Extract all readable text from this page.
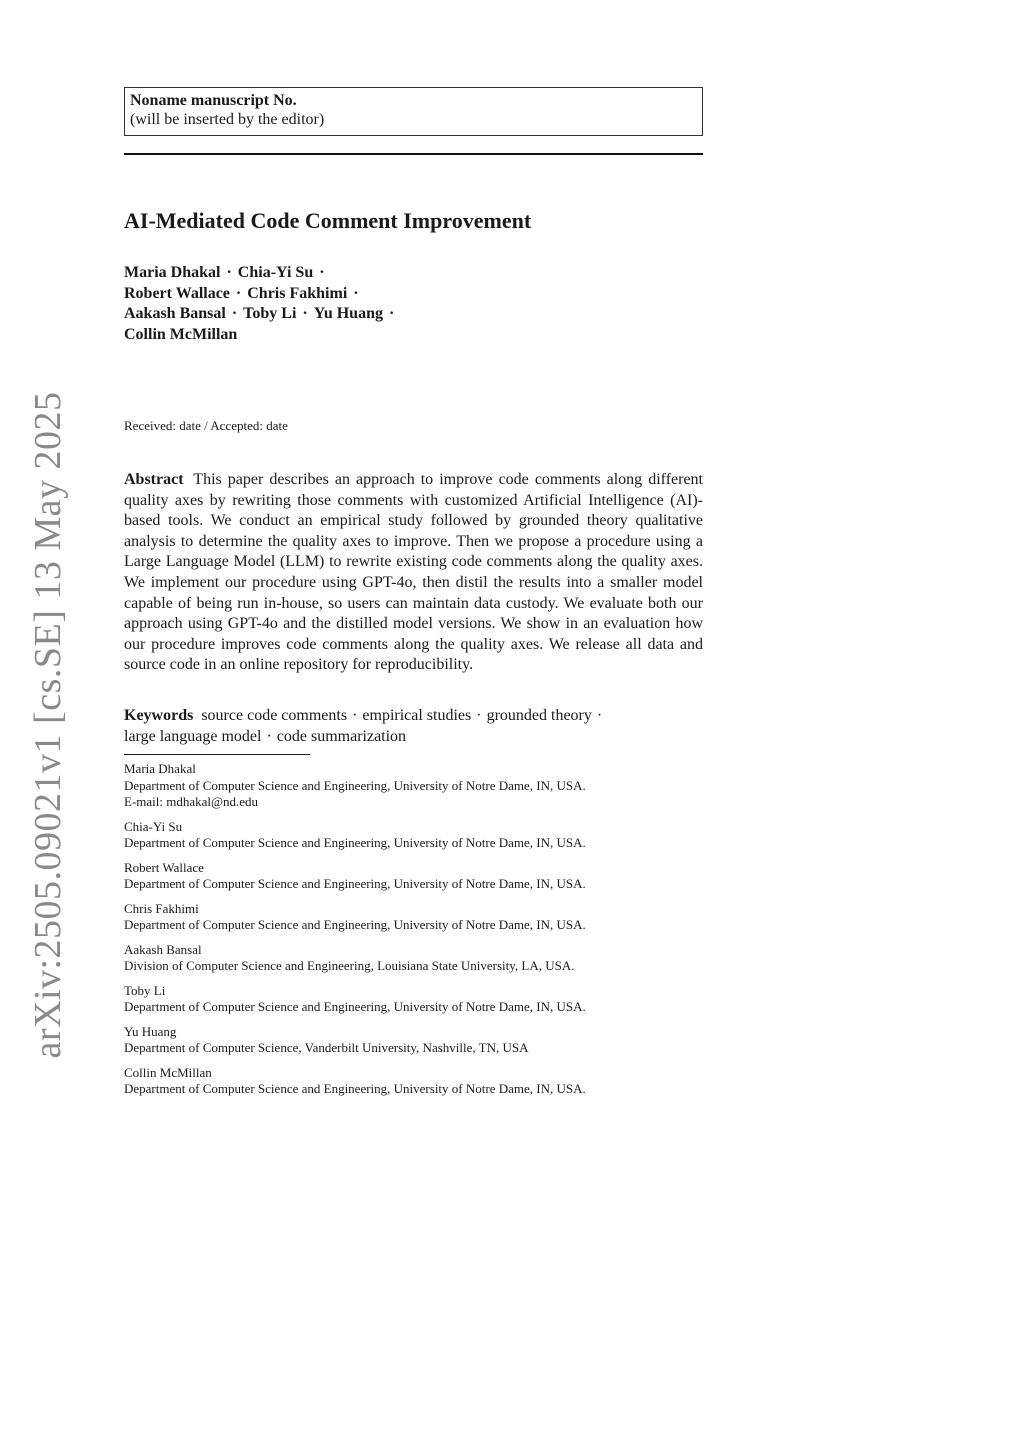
arXiv:2505.09021v1 [cs.SE] 13 May 2025
Noname manuscript No.
(will be inserted by the editor)
AI-Mediated Code Comment Improvement
Maria Dhakal · Chia-Yi Su ·
Robert Wallace · Chris Fakhimi ·
Aakash Bansal · Toby Li · Yu Huang ·
Collin McMillan
Received: date / Accepted: date

Abstract This paper describes an approach to improve code comments along different quality axes by rewriting those comments with customized Artificial Intelligence (AI)-based tools. We conduct an empirical study followed by grounded theory qualitative analysis to determine the quality axes to improve. Then we propose a procedure using a Large Language Model (LLM) to rewrite existing code comments along the quality axes. We implement our procedure using GPT-4o, then distil the results into a smaller model capable of being run in-house, so users can maintain data custody. We evaluate both our approach using GPT-4o and the distilled model versions. We show in an evaluation how our procedure improves code comments along the quality axes. We release all data and source code in an online repository for reproducibility.

Keywords source code comments · empirical studies · grounded theory ·
large language model · code summarization

Maria Dhakal
Department of Computer Science and Engineering, University of Notre Dame, IN, USA.
E-mail: mdhakal@nd.edu
Chia-Yi Su
Department of Computer Science and Engineering, University of Notre Dame, IN, USA.
Robert Wallace
Department of Computer Science and Engineering, University of Notre Dame, IN, USA.
Chris Fakhimi
Department of Computer Science and Engineering, University of Notre Dame, IN, USA.
Aakash Bansal
Division of Computer Science and Engineering, Louisiana State University, LA, USA.
Toby Li
Department of Computer Science and Engineering, University of Notre Dame, IN, USA.
Yu Huang
Department of Computer Science, Vanderbilt University, Nashville, TN, USA
Collin McMillan
Department of Computer Science and Engineering, University of Notre Dame, IN, USA.
